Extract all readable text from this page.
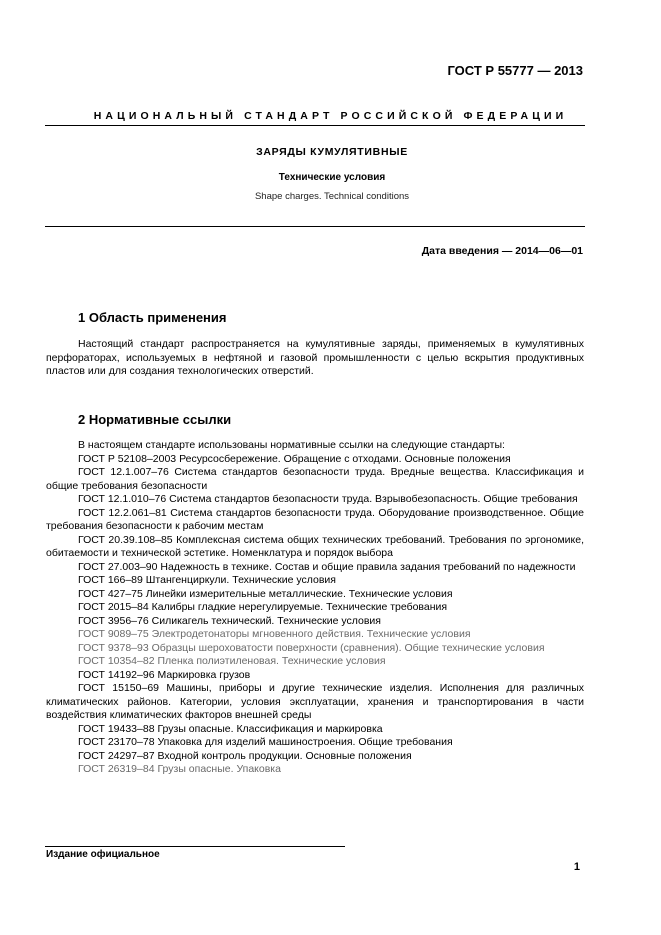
ГОСТ Р 55777 — 2013
НАЦИОНАЛЬНЫЙ СТАНДАРТ РОССИЙСКОЙ ФЕДЕРАЦИИ
ЗАРЯДЫ КУМУЛЯТИВНЫЕ
Технические условия
Shape charges. Technical conditions
Дата введения — 2014—06—01
1 Область применения

Настоящий стандарт распространяется на кумулятивные заряды, применяемых в кумулятивных перфораторах, используемых в нефтяной и газовой промышленности с целью вскрытия продуктивных пластов или для создания технологических отверстий.

2 Нормативные ссылки

В настоящем стандарте использованы нормативные ссылки на следующие стандарты:

ГОСТ Р 52108–2003 Ресурсосбережение. Обращение с отходами. Основные положения

ГОСТ 12.1.007–76 Система стандартов безопасности труда. Вредные вещества. Классификация и общие требования безопасности

ГОСТ 12.1.010–76 Система стандартов безопасности труда. Взрывобезопасность. Общие требования

ГОСТ 12.2.061–81 Система стандартов безопасности труда. Оборудование производственное. Общие требования безопасности к рабочим местам

ГОСТ 20.39.108–85 Комплексная система общих технических требований. Требования по эргономике, обитаемости и технической эстетике. Номенклатура и порядок выбора

ГОСТ 27.003–90 Надежность в технике. Состав и общие правила задания требований по надежности

ГОСТ 166–89 Штангенциркули. Технические условия

ГОСТ 427–75 Линейки измерительные металлические. Технические условия

ГОСТ 2015–84 Калибры гладкие нерегулируемые. Технические требования

ГОСТ 3956–76 Силикагель технический. Технические условия

ГОСТ 9089–75 Электродетонаторы мгновенного действия. Технические условия

ГОСТ 9378–93 Образцы шероховатости поверхности (сравнения). Общие технические условия

ГОСТ 10354–82 Пленка полиэтиленовая. Технические условия

ГОСТ 14192–96 Маркировка грузов

ГОСТ 15150–69 Машины, приборы и другие технические изделия. Исполнения для различных климатических районов. Категории, условия эксплуатации, хранения и транспортирования в части воздействия климатических факторов внешней среды

ГОСТ 19433–88 Грузы опасные. Классификация и маркировка

ГОСТ 23170–78 Упаковка для изделий машиностроения. Общие требования

ГОСТ 24297–87 Входной контроль продукции. Основные положения

ГОСТ 26319–84 Грузы опасные. Упаковка

Издание официальное
1
